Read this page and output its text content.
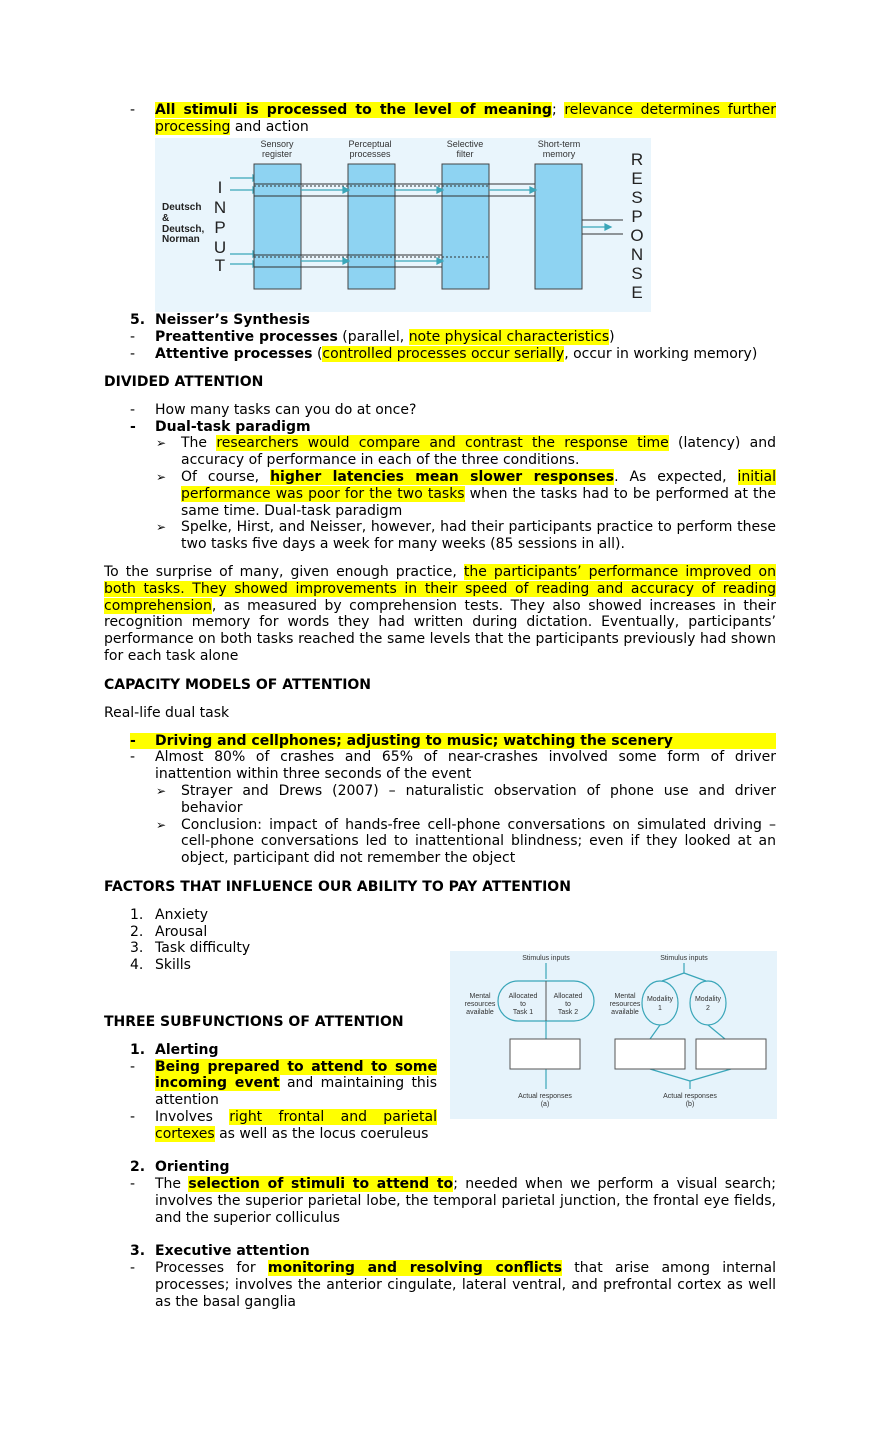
- All stimuli is processed to the level of meaning; relevance determines further processing and action
Sensory
register
Perceptual
processes
Selective
filter
Short-term
memory
Deutsch
&
Deutsch,
Norman
I
N
P
U
T
R
E
S
P
O
N
S
E
5. Neisser’s Synthesis
- Preattentive processes (parallel, note physical characteristics)
- Attentive processes (controlled processes occur serially, occur in working memory)
DIVIDED ATTENTION
- How many tasks can you do at once?
- Dual-task paradigm
➢ The researchers would compare and contrast the response time (latency) and accuracy of performance in each of the three conditions.
➢ Of course, higher latencies mean slower responses. As expected, initial performance was poor for the two tasks when the tasks had to be performed at the same time. Dual-task paradigm
➢ Spelke, Hirst, and Neisser, however, had their participants practice to perform these two tasks five days a week for many weeks (85 sessions in all).
To the surprise of many, given enough practice, the participants’ performance improved on both tasks. They showed improvements in their speed of reading and accuracy of reading comprehension, as measured by comprehension tests. They also showed increases in their recognition memory for words they had written during dictation. Eventually, participants’ performance on both tasks reached the same levels that the participants previously had shown for each task alone
CAPACITY MODELS OF ATTENTION
Real-life dual task
- Driving and cellphones; adjusting to music; watching the scenery
- Almost 80% of crashes and 65% of near-crashes involved some form of driver inattention within three seconds of the event
➢ Strayer and Drews (2007) – naturalistic observation of phone use and driver behavior
➢ Conclusion: impact of hands-free cell-phone conversations on simulated driving – cell-phone conversations led to inattentional blindness; even if they looked at an object, participant did not remember the object
FACTORS THAT INFLUENCE OUR ABILITY TO PAY ATTENTION
1. Anxiety
2. Arousal
3. Task difficulty
4. Skills	Stimulus inputs	Stimulus inputs
Mental
resources
available
Mental
resources
available
Allocated
to
Task 1
Allocated
to
Task 2
Modality
1
Modality
2
Actual responses
(a)
Actual responses
(b)
THREE SUBFUNCTIONS OF ATTENTION
1. Alerting
- Being prepared to attend to some incoming event and maintaining this attention
- Involves right frontal and parietal cortexes as well as the locus coeruleus
2. Orienting
- The selection of stimuli to attend to; needed when we perform a visual search; involves the superior parietal lobe, the temporal parietal junction, the frontal eye fields, and the superior colliculus
3. Executive attention
- Processes for monitoring and resolving conflicts that arise among internal processes; involves the anterior cingulate, lateral ventral, and prefrontal cortex as well as the basal ganglia
